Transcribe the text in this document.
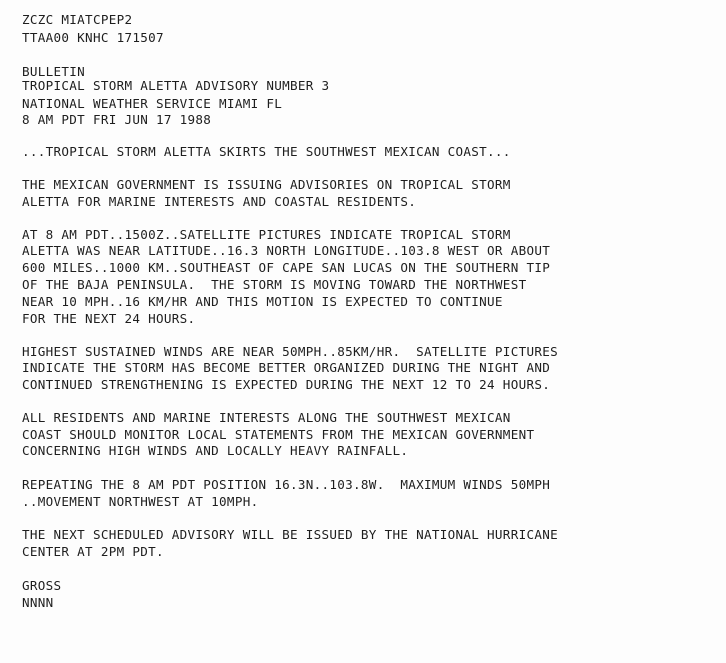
ZCZC MIATCPEP2

TTAA00 KNHC 171507

BULLETIN

TROPICAL STORM ALETTA ADVISORY NUMBER 3

NATIONAL WEATHER SERVICE MIAMI FL

8 AM PDT FRI JUN 17 1988

...TROPICAL STORM ALETTA SKIRTS THE SOUTHWEST MEXICAN COAST...

THE MEXICAN GOVERNMENT IS ISSUING ADVISORIES ON TROPICAL STORM

ALETTA FOR MARINE INTERESTS AND COASTAL RESIDENTS.

AT 8 AM PDT..1500Z..SATELLITE PICTURES INDICATE TROPICAL STORM

ALETTA WAS NEAR LATITUDE..16.3 NORTH LONGITUDE..103.8 WEST OR ABOUT

600 MILES..1000 KM..SOUTHEAST OF CAPE SAN LUCAS ON THE SOUTHERN TIP

OF THE BAJA PENINSULA.  THE STORM IS MOVING TOWARD THE NORTHWEST

NEAR 10 MPH..16 KM/HR AND THIS MOTION IS EXPECTED TO CONTINUE

FOR THE NEXT 24 HOURS.

HIGHEST SUSTAINED WINDS ARE NEAR 50MPH..85KM/HR.  SATELLITE PICTURES

INDICATE THE STORM HAS BECOME BETTER ORGANIZED DURING THE NIGHT AND

CONTINUED STRENGTHENING IS EXPECTED DURING THE NEXT 12 TO 24 HOURS.

ALL RESIDENTS AND MARINE INTERESTS ALONG THE SOUTHWEST MEXICAN

COAST SHOULD MONITOR LOCAL STATEMENTS FROM THE MEXICAN GOVERNMENT

CONCERNING HIGH WINDS AND LOCALLY HEAVY RAINFALL.

REPEATING THE 8 AM PDT POSITION 16.3N..103.8W.  MAXIMUM WINDS 50MPH

..MOVEMENT NORTHWEST AT 10MPH.

THE NEXT SCHEDULED ADVISORY WILL BE ISSUED BY THE NATIONAL HURRICANE

CENTER AT 2PM PDT.

GROSS

NNNN
